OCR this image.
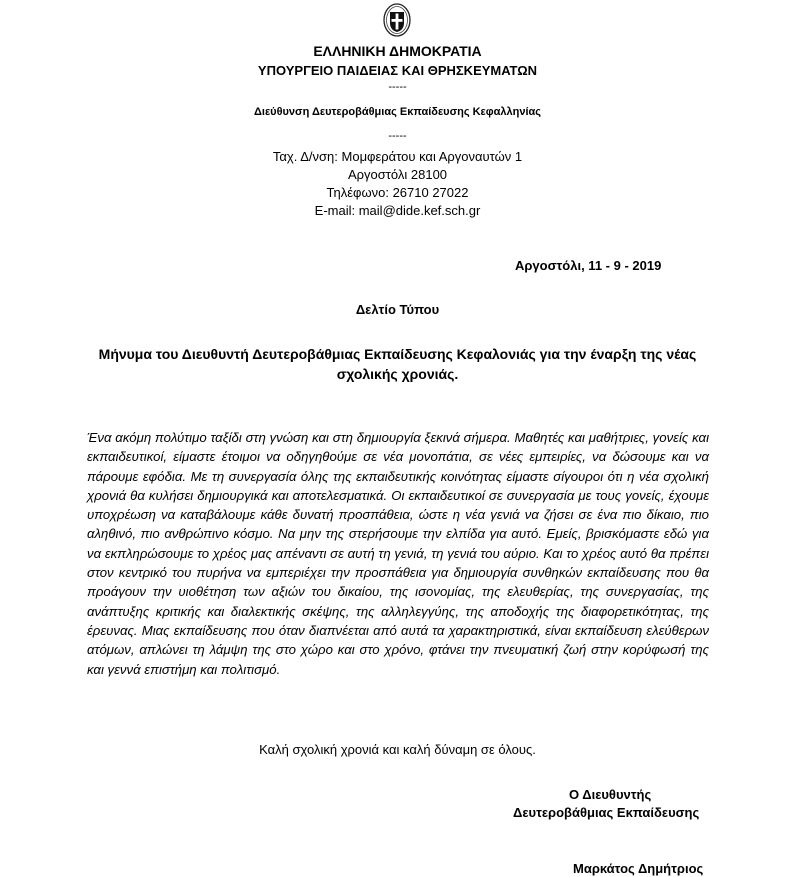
ΕΛΛΗΝΙΚΗ ΔΗΜΟΚΡΑΤΙΑ
ΥΠΟΥΡΓΕΙΟ ΠΑΙΔΕΙΑΣ ΚΑΙ ΘΡΗΣΚΕΥΜΑΤΩΝ
-----
Διεύθυνση Δευτεροβάθμιας Εκπαίδευσης Κεφαλληνίας
-----
Ταχ. Δ/νση: Μομφεράτου και Αργοναυτών 1
Αργοστόλι 28100
Τηλέφωνο: 26710 27022
E-mail: mail@dide.kef.sch.gr
Αργοστόλι, 11 - 9 - 2019
Δελτίο Τύπου
Μήνυμα του Διευθυντή Δευτεροβάθμιας Εκπαίδευσης Κεφαλονιάς για την έναρξη της νέας
σχολικής χρονιάς.

Ένα ακόμη πολύτιμο ταξίδι στη γνώση και στη δημιουργία ξεκινά σήμερα. Μαθητές και μαθήτριες, γονείς και εκπαιδευτικοί, είμαστε έτοιμοι να οδηγηθούμε σε νέα μονοπάτια, σε νέες εμπειρίες, να δώσουμε και να πάρουμε εφόδια. Με τη συνεργασία όλης της εκπαιδευτικής κοινότητας είμαστε σίγουροι ότι η νέα σχολική χρονιά θα κυλήσει δημιουργικά και αποτελεσματικά. Οι εκπαιδευτικοί σε συνεργασία με τους γονείς, έχουμε υποχρέωση να καταβάλουμε κάθε δυνατή προσπάθεια, ώστε η νέα γενιά να ζήσει σε ένα πιο δίκαιο, πιο αληθινό, πιο ανθρώπινο κόσμο. Να μην της στερήσουμε την ελπίδα για αυτό. Εμείς, βρισκόμαστε εδώ για να εκπληρώσουμε το χρέος μας απέναντι σε αυτή τη γενιά, τη γενιά του αύριο. Και το χρέος αυτό θα πρέπει στον κεντρικό του πυρήνα να εμπεριέχει την προσπάθεια για δημιουργία συνθηκών εκπαίδευσης που θα προάγουν την υιοθέτηση των αξιών του δικαίου, της ισονομίας, της ελευθερίας, της συνεργασίας, της ανάπτυξης κριτικής και διαλεκτικής σκέψης, της αλληλεγγύης, της αποδοχής της διαφορετικότητας, της έρευνας. Μιας εκπαίδευσης που όταν διαπνέεται από αυτά τα χαρακτηριστικά, είναι εκπαίδευση ελεύθερων ατόμων, απλώνει τη λάμψη της στο χώρο και στο χρόνο, φτάνει την πνευματική ζωή στην κορύφωσή της και γεννά επιστήμη και πολιτισμό.

Καλή σχολική χρονιά και καλή δύναμη σε όλους.
Ο Διευθυντής
Δευτεροβάθμιας Εκπαίδευσης
Μαρκάτος Δημήτριος
